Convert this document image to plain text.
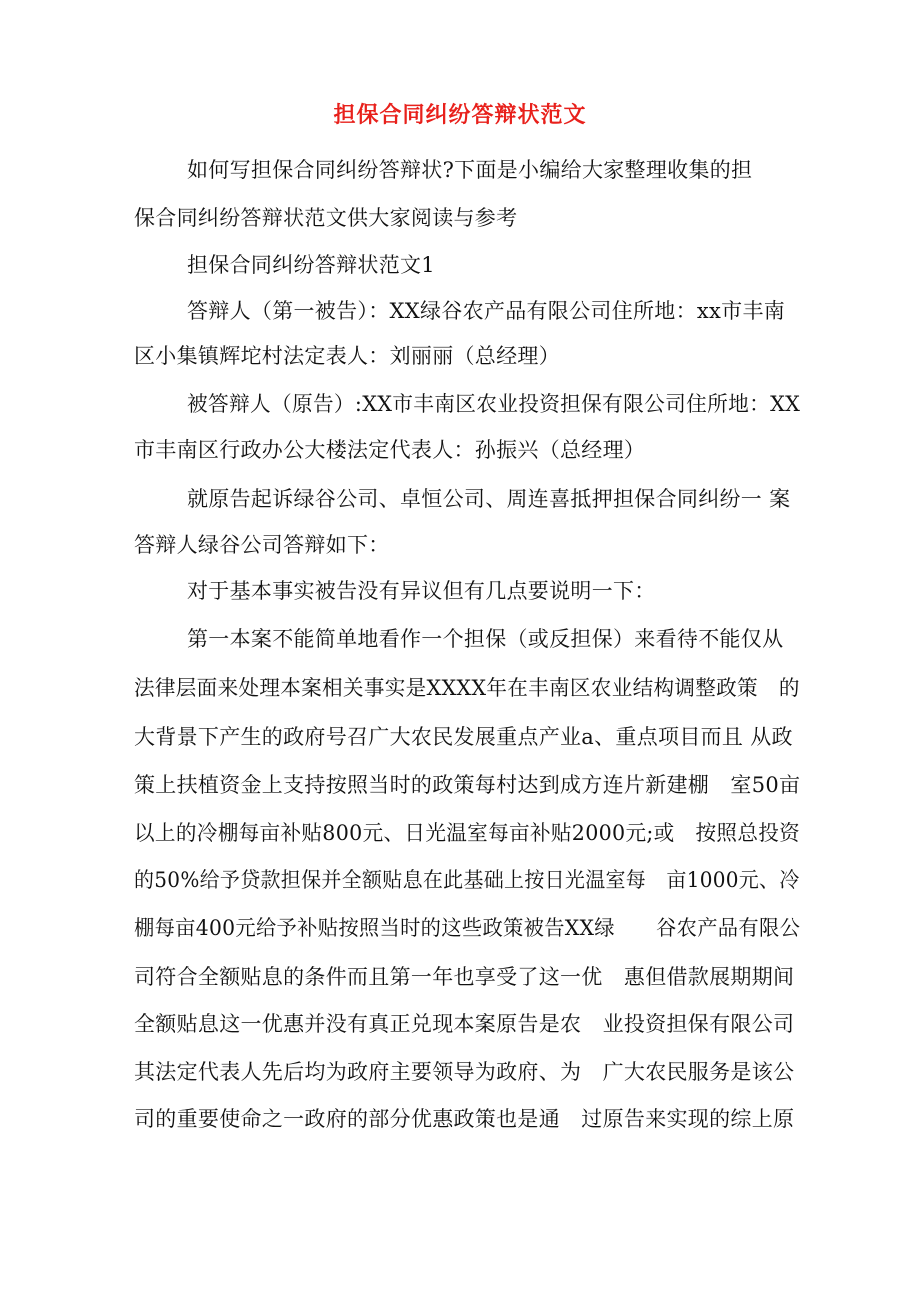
担保合同纠纷答辩状范文
如何写担保合同纠纷答辩状?下面是小编给大家整理收集的担
保合同纠纷答辩状范文供大家阅读与参考
担保合同纠纷答辩状范文1
答辩人（第一被告）：XX绿谷农产品有限公司住所地：xx市丰南
区小集镇辉坨村法定表人：刘丽丽（总经理）
被答辩人（原告）:XX市丰南区农业投资担保有限公司住所地：XX
市丰南区行政办公大楼法定代表人：孙振兴（总经理）
就原告起诉绿谷公司、卓恒公司、周连喜抵押担保合同纠纷一 案
答辩人绿谷公司答辩如下：
对于基本事实被告没有异议但有几点要说明一下：
第一本案不能简单地看作一个担保（或反担保）来看待不能仅从
法律层面来处理本案相关事实是XXXX年在丰南区农业结构调整政策　的
大背景下产生的政府号召广大农民发展重点产业a、重点项目而且 从政
策上扶植资金上支持按照当时的政策每村达到成方连片新建棚　室50亩
以上的冷棚每亩补贴800元、日光温室每亩补贴2000元;或　按照总投资
的50%给予贷款担保并全额贴息在此基础上按日光温室每　亩1000元、冷
棚每亩400元给予补贴按照当时的这些政策被告XX绿　　谷农产品有限公
司符合全额贴息的条件而且第一年也享受了这一优　惠但借款展期期间
全额贴息这一优惠并没有真正兑现本案原告是农　业投资担保有限公司
其法定代表人先后均为政府主要领导为政府、为　广大农民服务是该公
司的重要使命之一政府的部分优惠政策也是通　过原告来实现的综上原
